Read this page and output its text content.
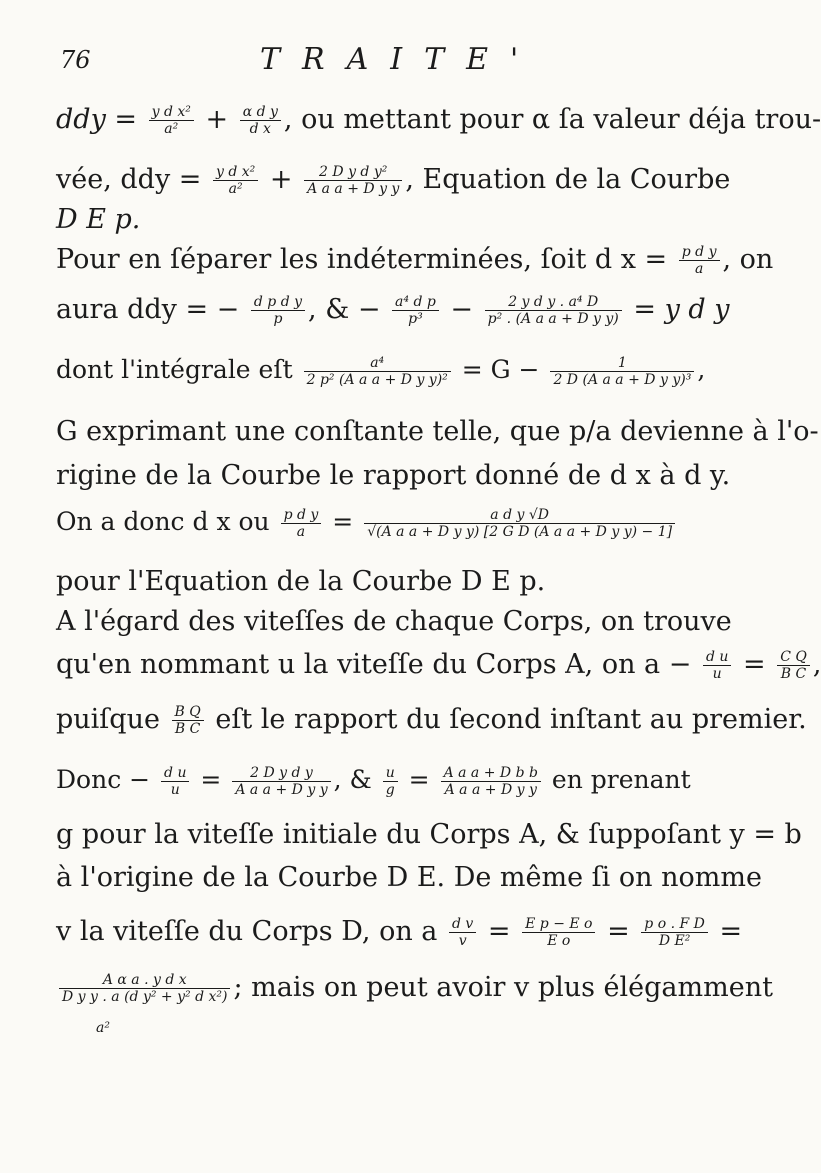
76	TRAITE'
ddy = $\frac{\text{y d x²}}{\text{a²}} + \frac{\text{α d y}}{\text{d x}}$ , ou mettant pour α ſa valeur déja trou-
vée, ddy = $\frac{\text{y d x²}}{\text{a²}} + \frac{\text{2 D y d y²}}{\text{A a a + D y y}}$ , Equation de la Courbe
D E p.
Pour en ſéparer les indéterminées, ſoit d $x = \frac{\text{p d y}}{a}$ , on
aura ddy = − $\frac{\text{d p d y}}{p}$ , & − $\frac{\text{a⁴ d p}}{\text{p³}} - \frac{\text{2 y d y . a⁴ D}}{\text{p² . (A a a + D y y)}} = y$ d y
dont l'intégrale eſt $\frac{\text{a⁴}}{\text{2 p² (A a a + D y y)²}} = G - \frac{1}{\text{2 D (A a a + D y y)³}}$ ,
G exprimant une conſtante telle, que p/a devienne à l'o-
rigine de la Courbe le rapport donné de d x à d y.
On a donc d x ou $\frac{\text{p d y}}{a} = \frac{\text{a d y √D}}{\text{√(A a a + D y y) [2 G D (A a a + D y y) − 1]}}$
pour l'Equation de la Courbe D E p.
A l'égard des viteſſes de chaque Corps, on trouve
qu'en nommant u la viteſſe du Corps A, on $a - \frac{\text{d u}}{u} = \frac{\text{C Q}}{\text{B C}}$ ,
puiſque $\frac{\text{B Q}}{\text{B C}}$ eſt le rapport du ſecond inſtant au premier.
Donc − $\frac{\text{d u}}{u} = \frac{\text{2 D y d y}}{\text{A a a + D y y}}$ , & $\frac{u}{g} = \frac{\text{A a a + D b b}}{\text{A a a + D y y}}$ en prenant
g pour la viteſſe initiale du Corps A, & ſuppoſant y = b
à l'origine de la Courbe D E. De même ſi on nomme
v la viteſſe du Corps D, on a $\frac{\text{d v}}{v} = \frac{\text{E p − E o}}{\text{E o}} = \frac{\text{p o . F D}}{\text{D E²}}$ =
$\frac{\text{A α a . y d x}}{\text{D y y . a (d y² + y² d x²)}}$ ; mais on peut avoir v plus élégamment
a²
